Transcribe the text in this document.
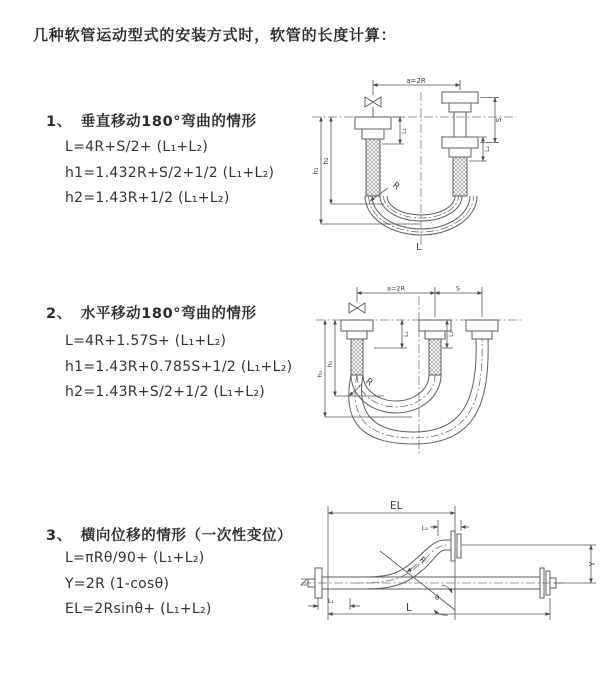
几种软管运动型式的安装方式时，软管的长度计算：
1、 垂直移动180°弯曲的情形
L=4R+S/2+ (L₁+L₂)
h1=1.432R+S/2+1/2 (L₁+L₂)
h2=1.43R+1/2 (L₁+L₂)
2、 水平移动180°弯曲的情形
L=4R+1.57S+ (L₁+L₂)
h1=1.43R+0.785S+1/2 (L₁+L₂)
h2=1.43R+S/2+1/2 (L₁+L₂)
3、 横向位移的情形（一次性变位）
L=πRθ/90+ (L₁+L₂)
Y=2R (1-cosθ)
EL=2Rsinθ+ (L₁+L₂)
a=2R
S
L₂
h₁
h₂
L₁
R
L
a=2R	S
h₁
h₂
L₁	L₂
R
EL
L₂
Y
L
L₁
R
θ
